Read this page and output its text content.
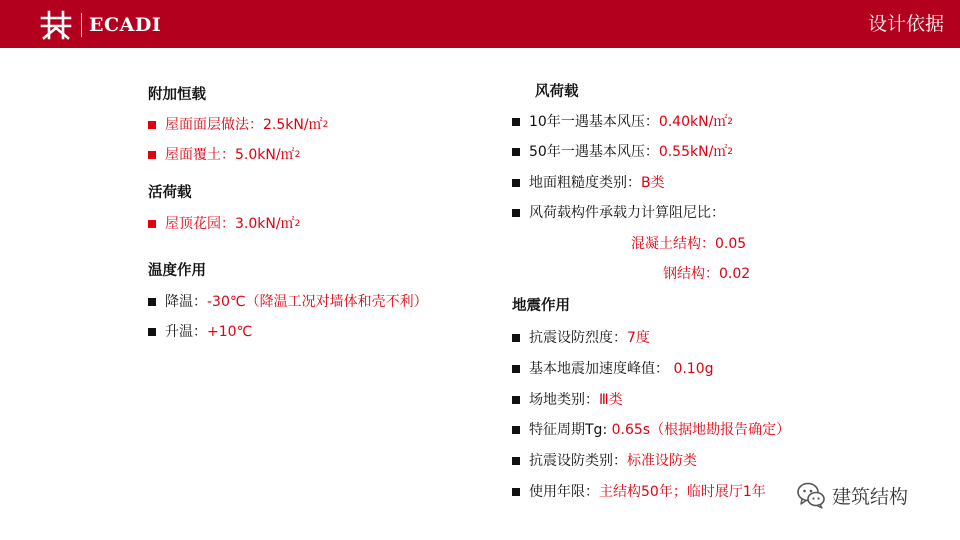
ECADI	设计依据
附加恒载
屋面面层做法： 2.5kN/㎡ 2
屋面覆土： 5.0kN/㎡ 2
活荷载
屋顶花园： 3.0kN/㎡ 2
温度作用
降温： -30℃（降温工况对墙体和壳不利）
升温： +10℃
风荷载
10年一遇基本风压： 0.40kN/㎡ 2
50年一遇基本风压： 0.55kN/㎡ 2
地面粗糙度类别： B类
风荷载构件承载力计算阻尼比：
混凝土结构：0.05
钢结构：0.02
地震作用
抗震设防烈度： 7度
基本地震加速度峰值： 0.10g
场地类别： Ⅲ类
特征周期Tg: 0.65s（根据地勘报告确定）
抗震设防类别： 标准设防类
使用年限： 主结构50年；临时展厅1年	建筑结构
